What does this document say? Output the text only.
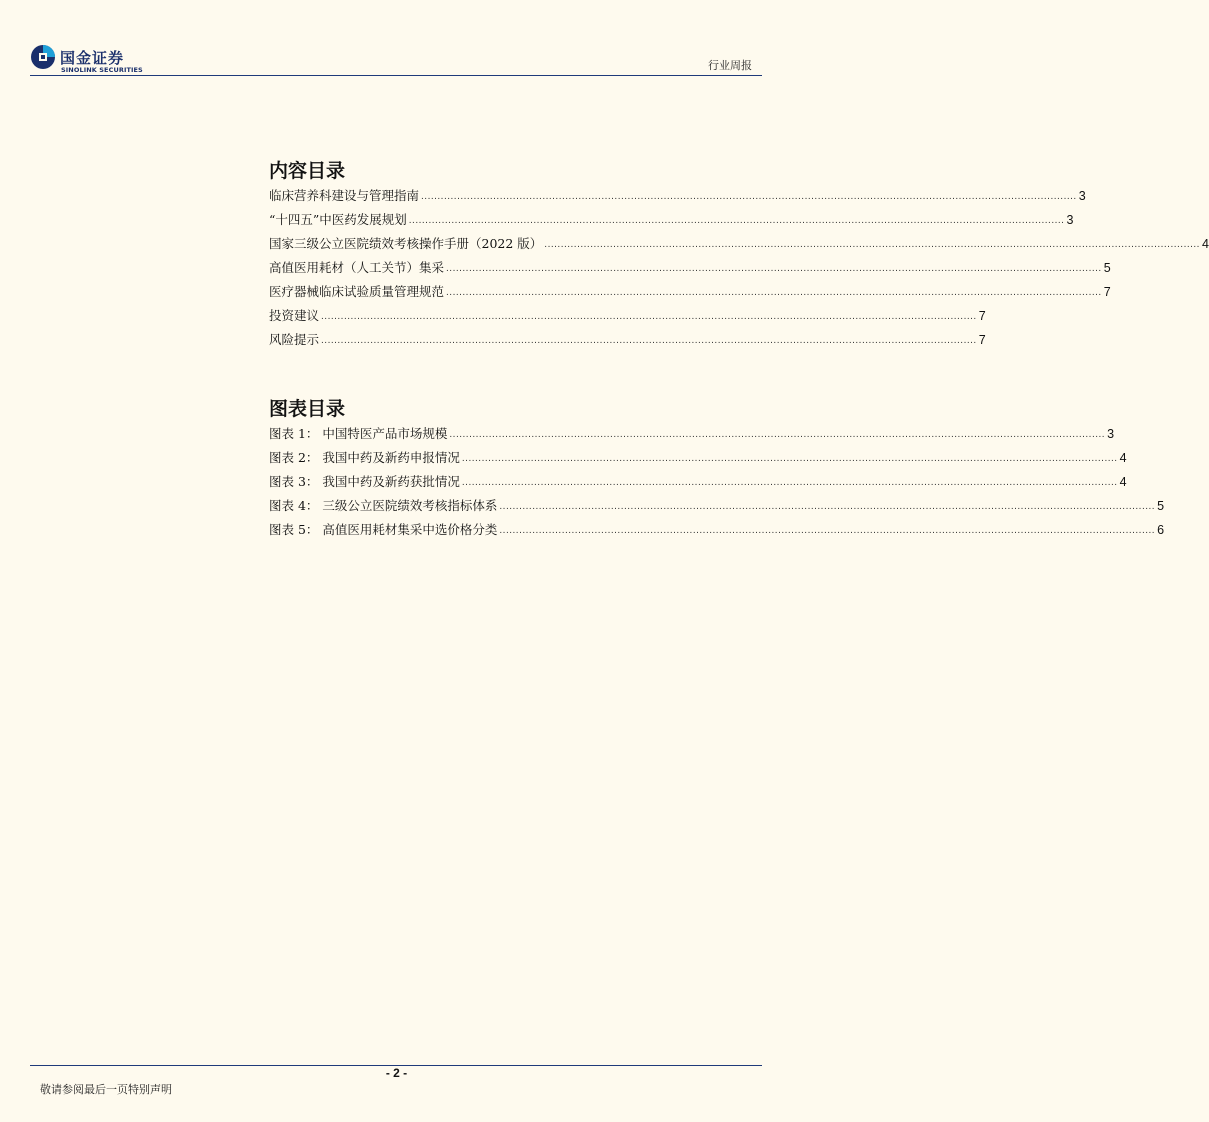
国金证券
SINOLINK SECURITIES	行业周报
内容目录
临床营养科建设与管理指南 ........................................................................................................................................................................................................ 3
“十四五”中医药发展规划 ........................................................................................................................................................................................................ 3
国家三级公立医院绩效考核操作手册（2022 版） ........................................................................................................................................................................................................ 4
高值医用耗材（人工关节）集采 ........................................................................................................................................................................................................ 5
医疗器械临床试验质量管理规范 ........................................................................................................................................................................................................ 7
投资建议 ........................................................................................................................................................................................................ 7
风险提示 ........................................................................................................................................................................................................ 7
图表目录
图表 1： 中国特医产品市场规模 ........................................................................................................................................................................................................ 3
图表 2： 我国中药及新药申报情况 ........................................................................................................................................................................................................ 4
图表 3： 我国中药及新药获批情况 ........................................................................................................................................................................................................ 4
图表 4： 三级公立医院绩效考核指标体系 ........................................................................................................................................................................................................ 5
图表 5： 高值医用耗材集采中选价格分类 ........................................................................................................................................................................................................ 6
- 2 -
敬请参阅最后一页特别声明
